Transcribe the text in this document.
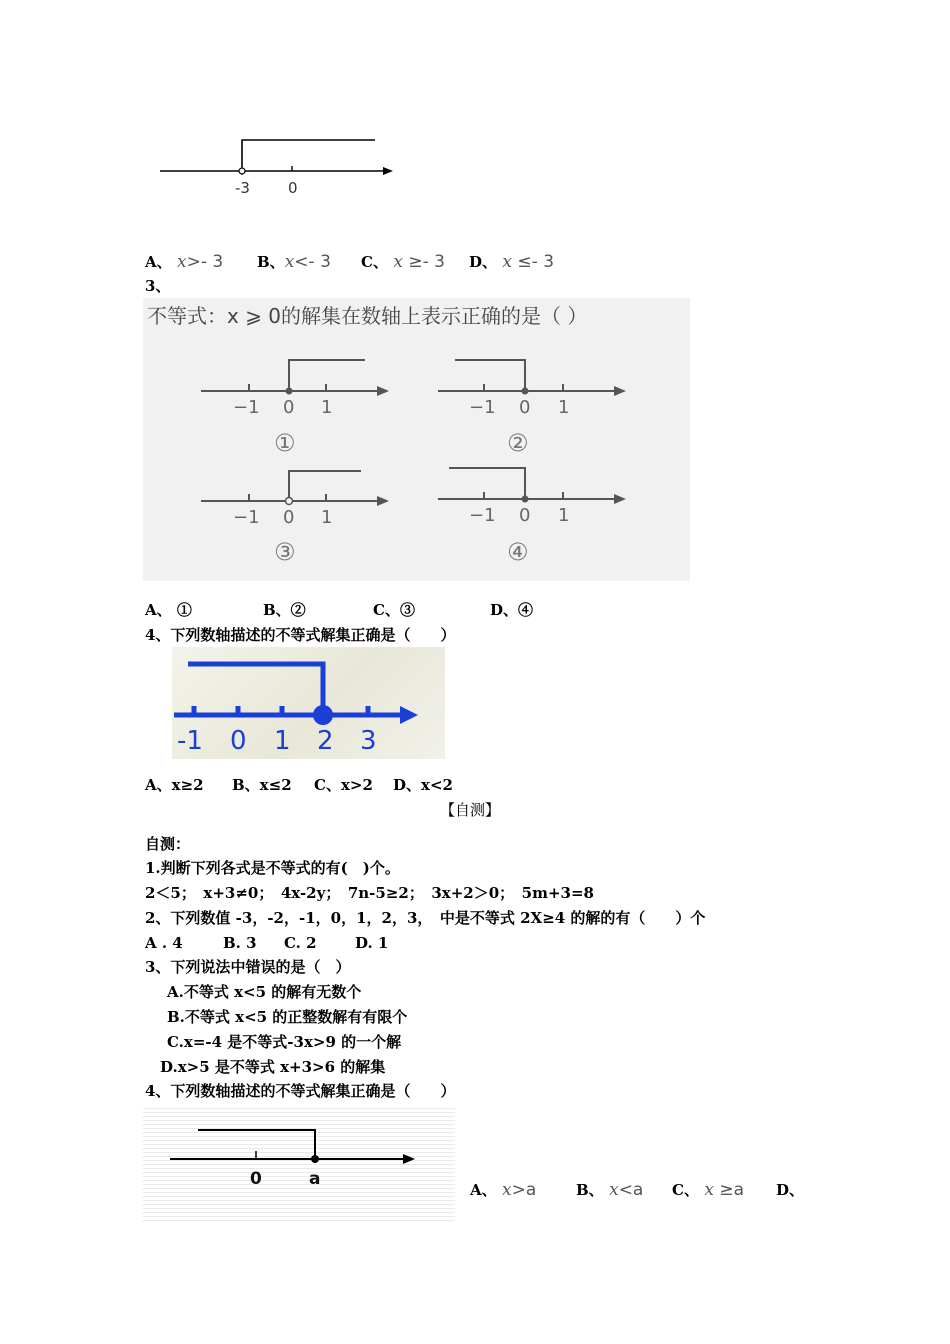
-3	0
A、 x>- 3 B、x<- 3 C、 x ≥- 3 D、 x ≤- 3
3、
不等式：x ⩾ 0的解集在数轴上表示正确的是（ ）
−1 0 1	−1 0 1
−1 0 1	−1 0 1
①	②
③	④
A、 ①	B、②	C、③	D、④
4、下列数轴描述的不等式解集正确是（　　）
-1 0 1 2 3
A、x≥2 B、x≤2 C、x>2 D、x<2
【自测】
自测：
1.判断下列各式是不等式的有(　)个。
2＜5；　x+3≠0；　4x-2y；　7n-5≥2；　3x+2＞0；　5m+3=8
2、下列数值 -3，-2，-1，0，1，2，3，　中是不等式 2X≥4 的解的有（　　）个
A . 4	B. 3 C. 2	D. 1
3、下列说法中错误的是（　）
A.不等式 x<5 的解有无数个
B.不等式 x<5 的正整数解有有限个
C.x=-4 是不等式-3x>9 的一个解
D.x>5 是不等式 x+3>6 的解集
4、下列数轴描述的不等式解集正确是（　　）
0	a
A、 x>a	B、 x<a C、 x ≥a D、
